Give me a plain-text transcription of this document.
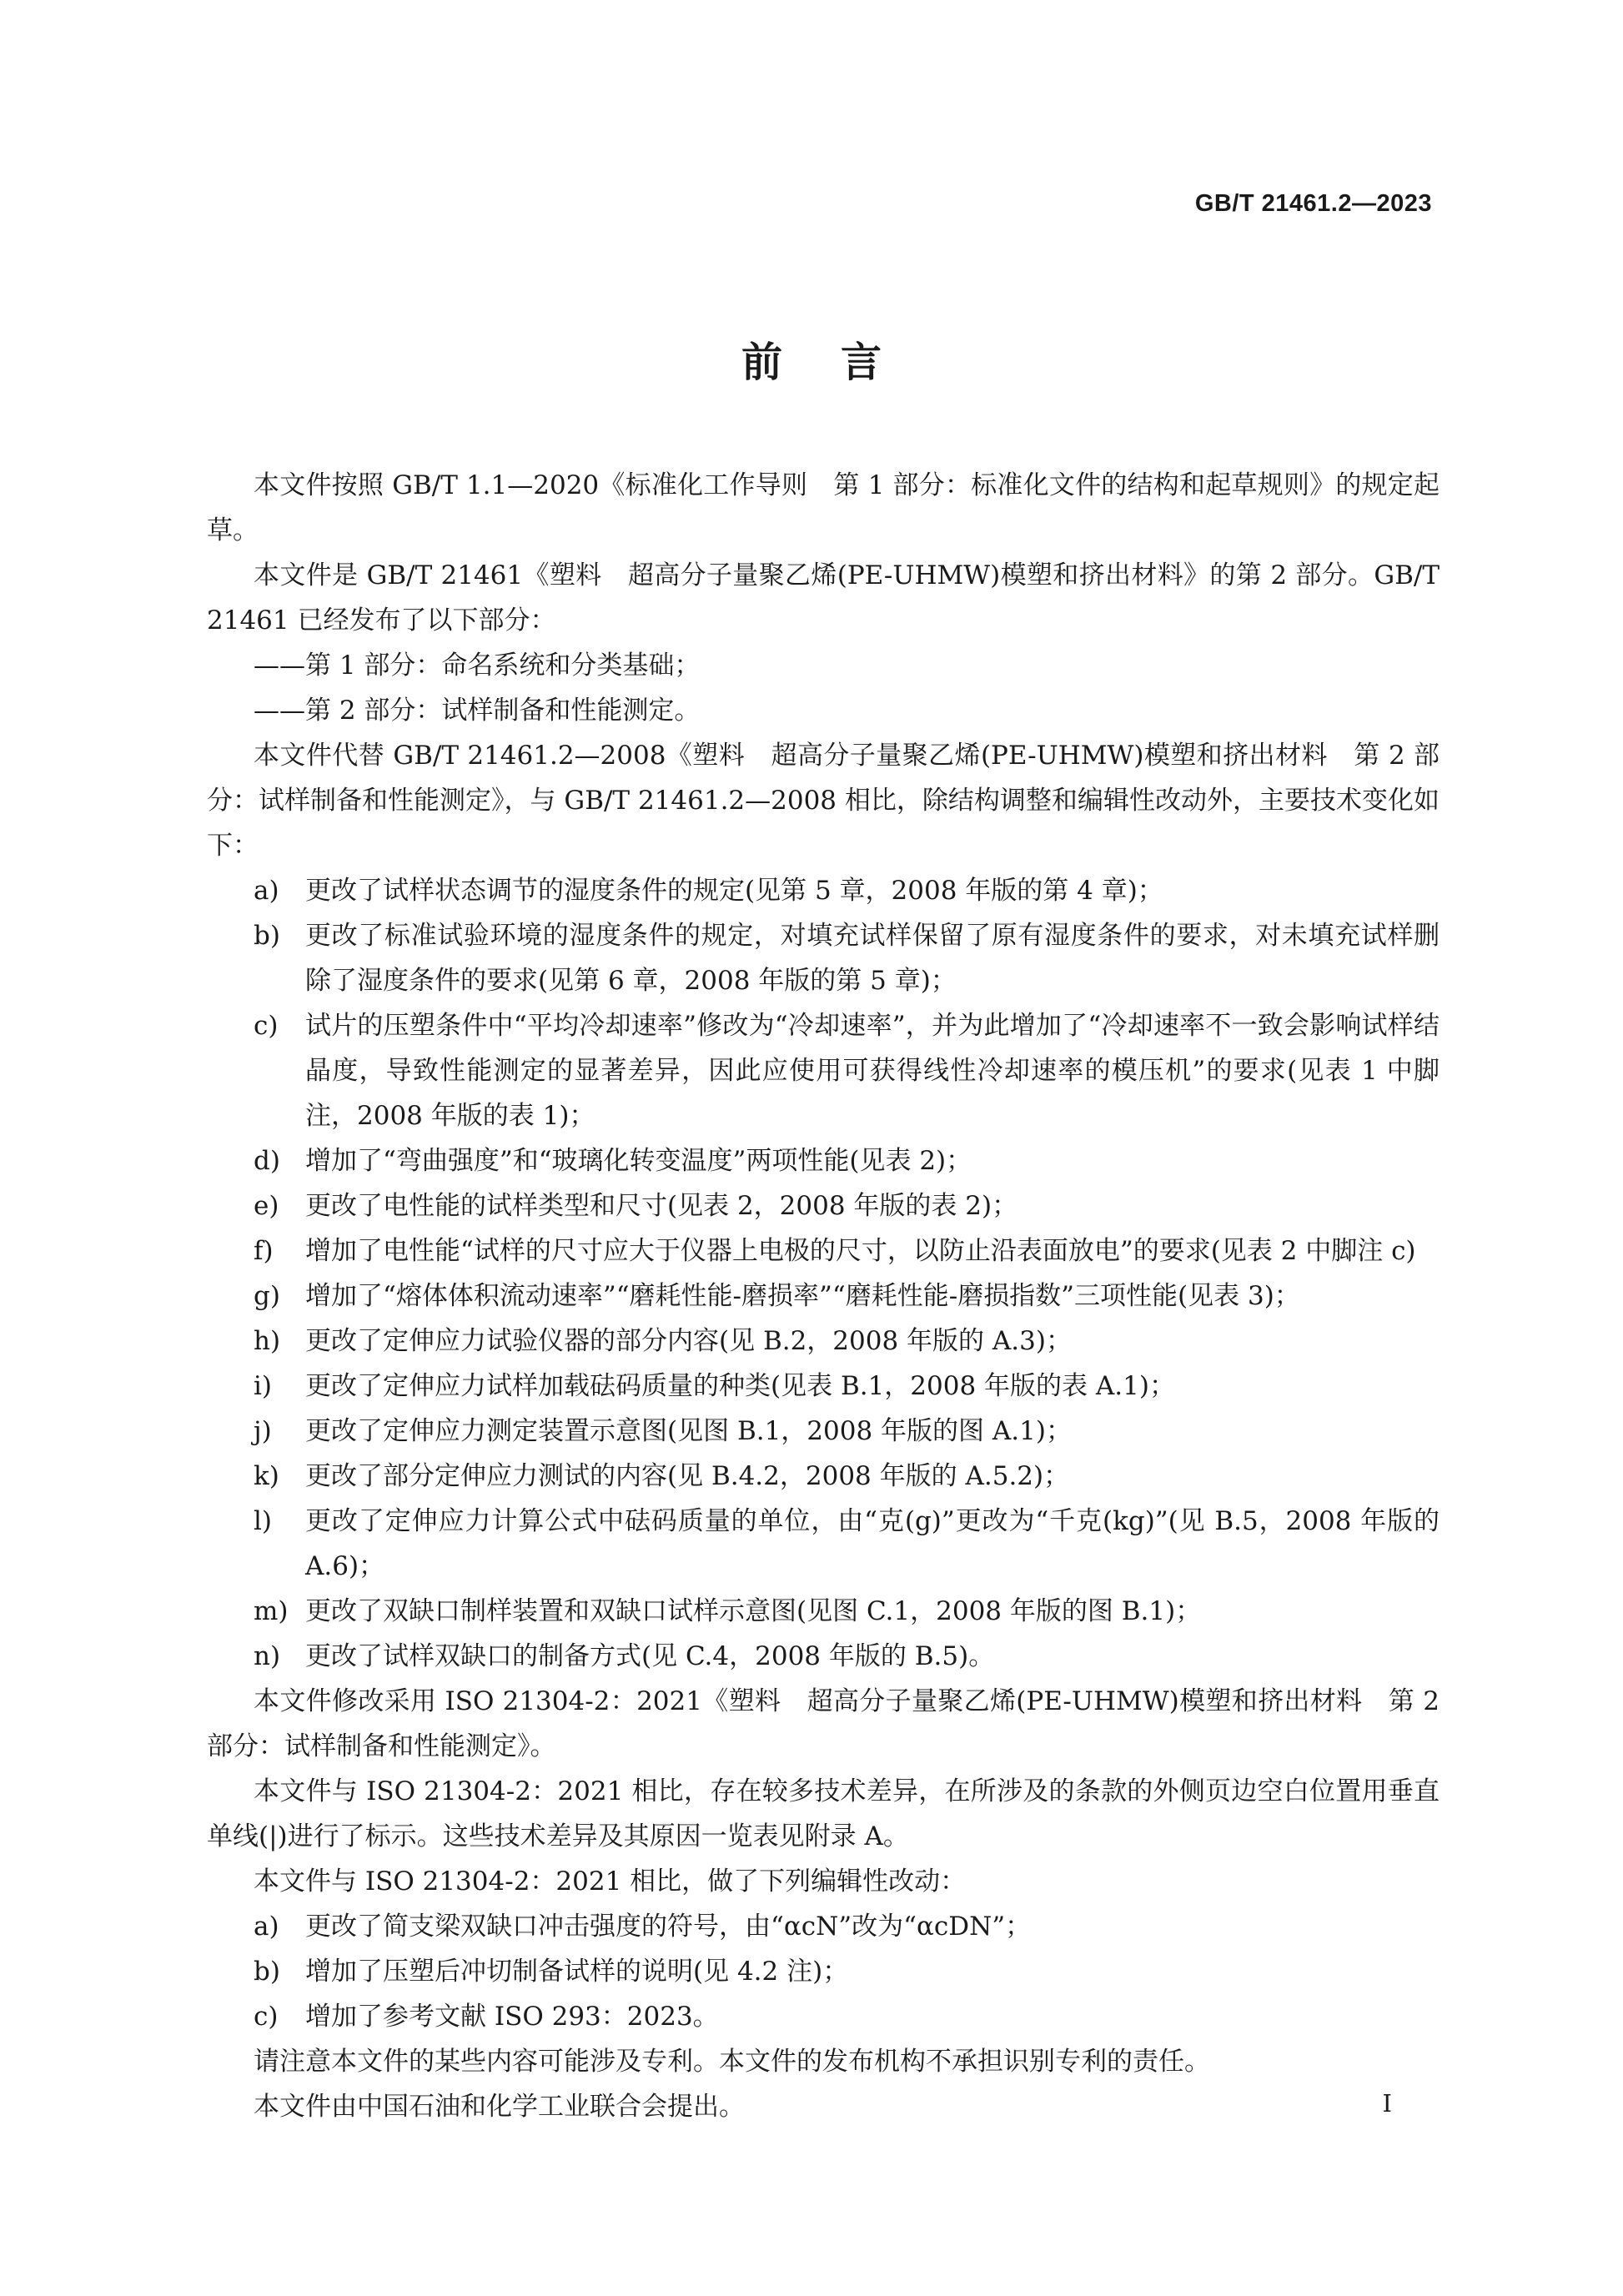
GB/T 21461.2—2023
前言

本文件按照 GB/T 1.1—2020《标准化工作导则　第 1 部分：标准化文件的结构和起草规则》的规定起草。

本文件是 GB/T 21461《塑料　超高分子量聚乙烯(PE-UHMW)模塑和挤出材料》的第 2 部分。GB/T 21461 已经发布了以下部分：

——第 1 部分：命名系统和分类基础；

——第 2 部分：试样制备和性能测定。

本文件代替 GB/T 21461.2—2008《塑料　超高分子量聚乙烯(PE-UHMW)模塑和挤出材料　第 2 部分：试样制备和性能测定》，与 GB/T 21461.2—2008 相比，除结构调整和编辑性改动外，主要技术变化如下：

a)	更改了试样状态调节的湿度条件的规定(见第 5 章，2008 年版的第 4 章)；
b) 更改了标准试验环境的湿度条件的规定，对填充试样保留了原有湿度条件的要求，对未填充试样删除了湿度条件的要求(见第 6 章，2008 年版的第 5 章)；
c)	试片的压塑条件中“平均冷却速率”修改为“冷却速率”，并为此增加了“冷却速率不一致会影响试样结晶度，导致性能测定的显著差异，因此应使用可获得线性冷却速率的模压机”的要求(见表 1 中脚注，2008 年版的表 1)；
d) 增加了“弯曲强度”和“玻璃化转变温度”两项性能(见表 2)；
e)	更改了电性能的试样类型和尺寸(见表 2，2008 年版的表 2)；
f)	增加了电性能“试样的尺寸应大于仪器上电极的尺寸，以防止沿表面放电”的要求(见表 2 中脚注 c)
g) 增加了“熔体体积流动速率”“磨耗性能-磨损率”“磨耗性能-磨损指数”三项性能(见表 3)；
h) 更改了定伸应力试验仪器的部分内容(见 B.2，2008 年版的 A.3)；
i)	更改了定伸应力试样加载砝码质量的种类(见表 B.1，2008 年版的表 A.1)；
j)	更改了定伸应力测定装置示意图(见图 B.1，2008 年版的图 A.1)；
k)	更改了部分定伸应力测试的内容(见 B.4.2，2008 年版的 A.5.2)；
l)	更改了定伸应力计算公式中砝码质量的单位，由“克(g)”更改为“千克(kg)”(见 B.5，2008 年版的 A.6)；
m) 更改了双缺口制样装置和双缺口试样示意图(见图 C.1，2008 年版的图 B.1)；
n) 更改了试样双缺口的制备方式(见 C.4，2008 年版的 B.5)。

本文件修改采用 ISO 21304-2：2021《塑料　超高分子量聚乙烯(PE-UHMW)模塑和挤出材料　第 2 部分：试样制备和性能测定》。

本文件与 ISO 21304-2：2021 相比，存在较多技术差异，在所涉及的条款的外侧页边空白位置用垂直单线(|)进行了标示。这些技术差异及其原因一览表见附录 A。

本文件与 ISO 21304-2：2021 相比，做了下列编辑性改动：

a)	更改了简支梁双缺口冲击强度的符号，由“αcN”改为“αcDN”；
b) 增加了压塑后冲切制备试样的说明(见 4.2 注)；
c)	增加了参考文献 ISO 293：2023。

请注意本文件的某些内容可能涉及专利。本文件的发布机构不承担识别专利的责任。

本文件由中国石油和化学工业联合会提出。	I
